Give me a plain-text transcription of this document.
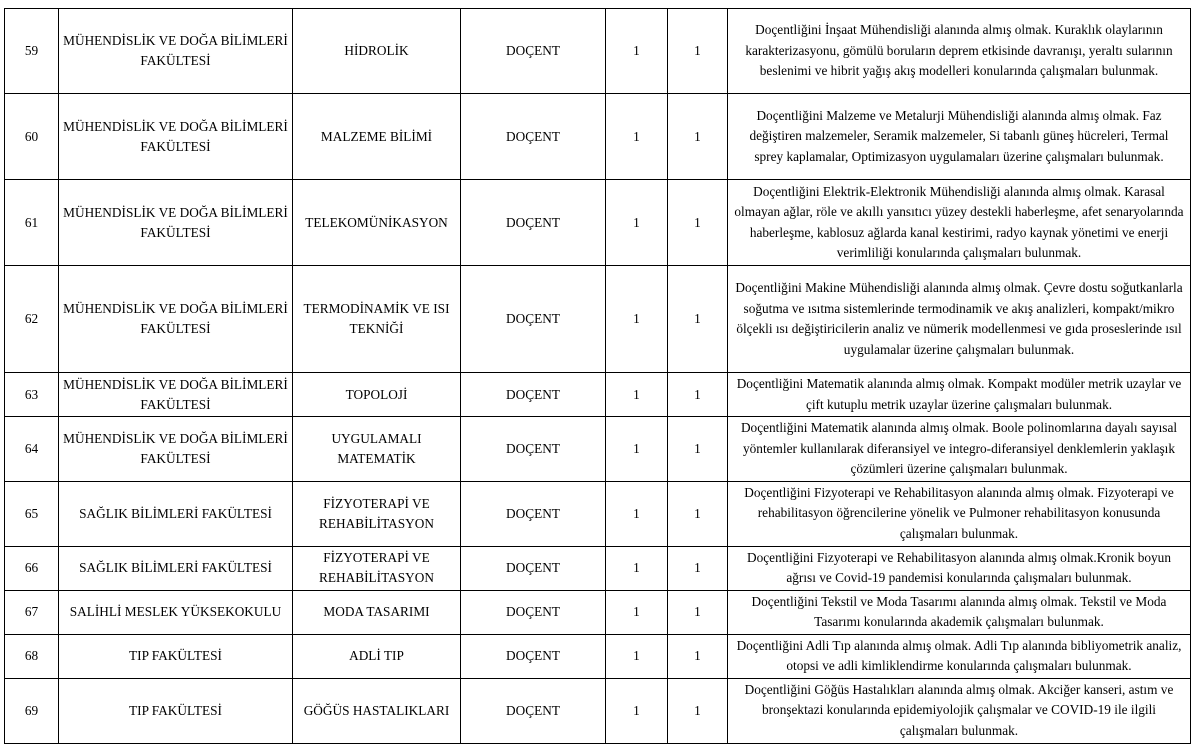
59	MÜHENDİSLİK VE DOĞA BİLİMLERİ FAKÜLTESİ	HİDROLİK	DOÇENT	1	1	Doçentliğini İnşaat Mühendisliği alanında almış olmak. Kuraklık olaylarının karakterizasyonu, gömülü boruların deprem etkisinde davranışı, yeraltı sularının beslenimi ve hibrit yağış akış modelleri konularında çalışmaları bulunmak.
60	MÜHENDİSLİK VE DOĞA BİLİMLERİ FAKÜLTESİ	MALZEME BİLİMİ	DOÇENT	1	1	Doçentliğini Malzeme ve Metalurji Mühendisliği alanında almış olmak. Faz değiştiren malzemeler, Seramik malzemeler, Si tabanlı güneş hücreleri, Termal sprey kaplamalar, Optimizasyon uygulamaları üzerine çalışmaları bulunmak.
61	MÜHENDİSLİK VE DOĞA BİLİMLERİ FAKÜLTESİ	TELEKOMÜNİKASYON	DOÇENT	1	1	Doçentliğini Elektrik-Elektronik Mühendisliği alanında almış olmak. Karasal olmayan ağlar, röle ve akıllı yansıtıcı yüzey destekli haberleşme, afet senaryolarında haberleşme, kablosuz ağlarda kanal kestirimi, radyo kaynak yönetimi ve enerji verimliliği konularında çalışmaları bulunmak.
62	MÜHENDİSLİK VE DOĞA BİLİMLERİ FAKÜLTESİ	TERMODİNAMİK VE ISI TEKNİĞİ	DOÇENT	1	1	Doçentliğini Makine Mühendisliği alanında almış olmak. Çevre dostu soğutkanlarla soğutma ve ısıtma sistemlerinde termodinamik ve akış analizleri, kompakt/mikro ölçekli ısı değiştiricilerin analiz ve nümerik modellenmesi ve gıda proseslerinde ısıl uygulamalar üzerine çalışmaları bulunmak.
63	MÜHENDİSLİK VE DOĞA BİLİMLERİ FAKÜLTESİ	TOPOLOJİ	DOÇENT	1	1	Doçentliğini Matematik alanında almış olmak. Kompakt modüler metrik uzaylar ve çift kutuplu metrik uzaylar üzerine çalışmaları bulunmak.
64	MÜHENDİSLİK VE DOĞA BİLİMLERİ FAKÜLTESİ	UYGULAMALI MATEMATİK	DOÇENT	1	1	Doçentliğini Matematik alanında almış olmak. Boole polinomlarına dayalı sayısal yöntemler kullanılarak diferansiyel ve integro-diferansiyel denklemlerin yaklaşık çözümleri üzerine çalışmaları bulunmak.
65	SAĞLIK BİLİMLERİ FAKÜLTESİ	FİZYOTERAPİ VE REHABİLİTASYON	DOÇENT	1	1	Doçentliğini Fizyoterapi ve Rehabilitasyon alanında almış olmak. Fizyoterapi ve rehabilitasyon öğrencilerine yönelik ve Pulmoner rehabilitasyon konusunda çalışmaları bulunmak.
66	SAĞLIK BİLİMLERİ FAKÜLTESİ	FİZYOTERAPİ VE REHABİLİTASYON	DOÇENT	1	1	Doçentliğini Fizyoterapi ve Rehabilitasyon alanında almış olmak.Kronik boyun ağrısı ve Covid-19 pandemisi konularında çalışmaları bulunmak.
67	SALİHLİ MESLEK YÜKSEKOKULU	MODA TASARIMI	DOÇENT	1	1	Doçentliğini Tekstil ve Moda Tasarımı alanında almış olmak. Tekstil ve Moda Tasarımı konularında akademik çalışmaları bulunmak.
68	TIP FAKÜLTESİ	ADLİ TIP	DOÇENT	1	1	Doçentliğini Adli Tıp alanında almış olmak. Adli Tıp alanında bibliyometrik analiz, otopsi ve adli kimliklendirme konularında çalışmaları bulunmak.
69	TIP FAKÜLTESİ	GÖĞÜS HASTALIKLARI	DOÇENT	1	1	Doçentliğini Göğüs Hastalıkları alanında almış olmak. Akciğer kanseri, astım ve bronşektazi konularında epidemiyolojik çalışmalar ve COVID-19 ile ilgili çalışmaları bulunmak.
